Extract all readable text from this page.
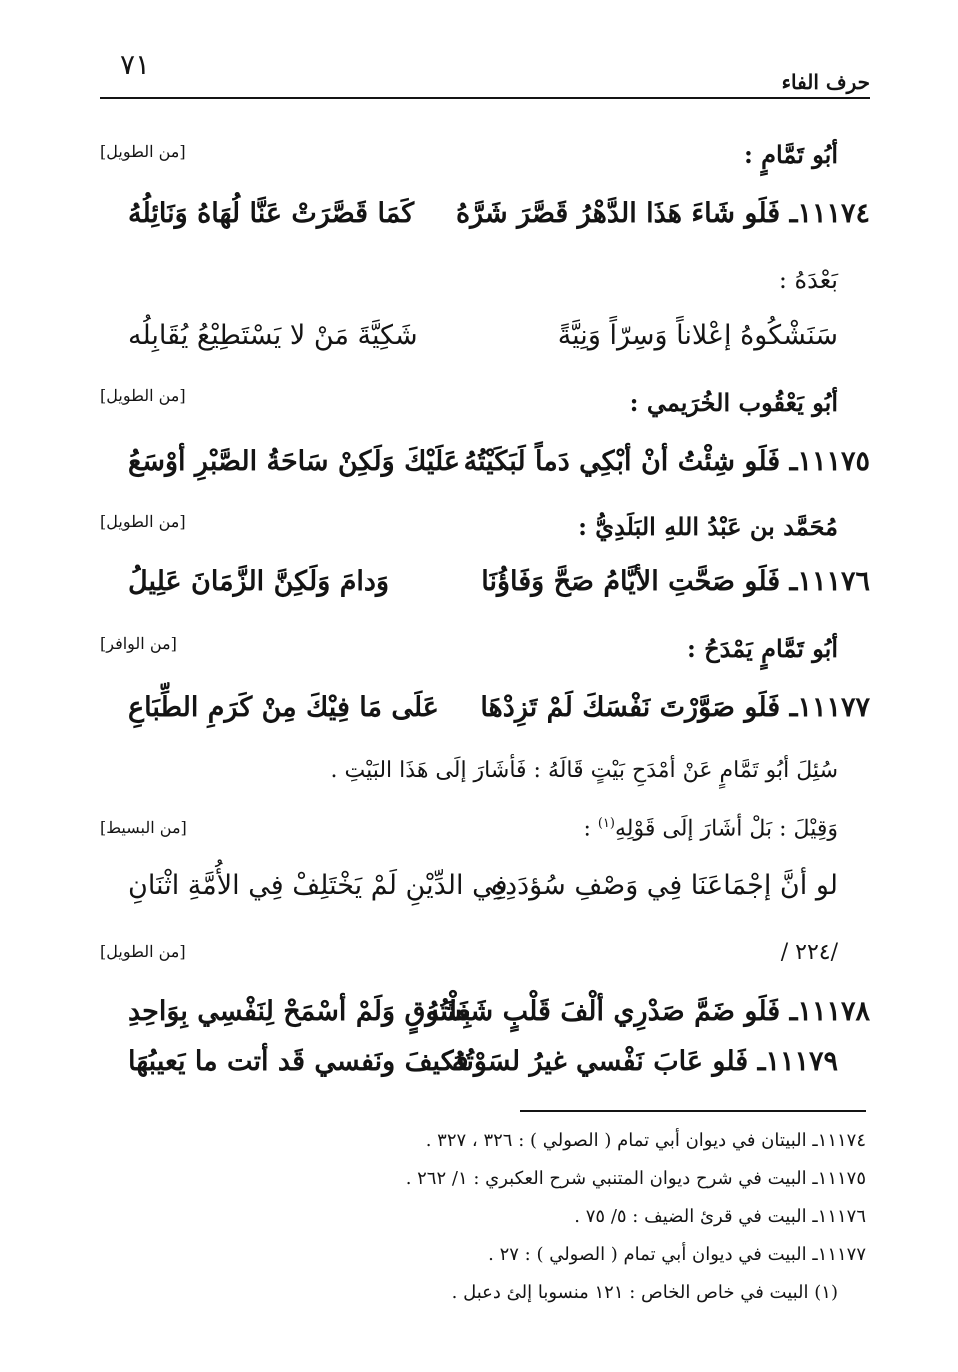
٧١
حرف الفاء
أبُو تَمَّامٍ :
[من الطويل]
١١١٧٤ـ فَلَو شَاءَ هَذَا الدَّهْرُ قَصَّرَ شَرَّهُ
كَمَا قَصَّرَتْ عَنَّا لُهَاهُ وَنَائِلُهُ
بَعْدَهُ :
سَنَشْكُوهُ إعْلاناً وَسِرّاً وَنِيَّةً
شَكِيَّةَ مَنْ لا يَسْتَطِيْعُ يُقَابِلُه
أبُو يَعْقُوب الخُرَيمي :
[من الطويل]
١١١٧٥ـ فَلَو شِئْتُ أنْ أبْكِي دَماً لَبَكَيْتُهُ
عَلَيْكَ وَلَكِنْ سَاحَةُ الصَّبْرِ أوْسَعُ
مُحَمَّد بن عَبْدُ اللهِ البَلَدِيُّ :
[من الطويل]
١١١٧٦ـ فَلَو صَحَّتِ الأيَّامُ صَحَّ وَفَاؤُنَا
وَدامَ وَلَكِنَّ الزَّمَانَ عَلِيلُ
أبُو تَمَّامٍ يَمْدَحُ :
[من الوافر]
١١١٧٧ـ فَلَو صَوَّرْتَ نَفْسَكَ لَمْ تَزِدْهَا
عَلَى مَا فِيْكَ مِنْ كَرَمِ الطِّبَاعِ
سُئِلَ أبُو تَمَّامٍ عَنْ أمْدَحِ بَيْتٍ قَالَهُ : فَأشَارَ إلَى هَذَا البَيْتِ .
وَقِيْلَ : بَلْ أشَارَ إلَى قَوْلِهِ$^{(١)}$ :
[من البسيط]
لو أنَّ إجْمَاعَنَا فِي وَصْفِ سُؤدَدِهِ
فِي الدِّيْنِ لَمْ يَخْتَلِفْ فِي الأُمَّةِ اثْنَانِ
/ ٢٢٤/
[من الطويل]
١١١٧٨ـ فَلَو ضَمَّ صَدْرِي ألْفَ قَلْبٍ شَغَلْتُهُ
بِشَوقٍ وَلَمْ أسْمَحْ لِنَفْسِي بِوَاحِدِ
١١١٧٩ـ فَلو عَابَ نَفْسي غيرُ لسَوْتُهُ
فكيفَ ونَفسي قَد أتت ما يَعيبُهَا
١١١٧٤ـ البيتان في ديوان أبي تمام ( الصولي ) : ٣٢٦ ، ٣٢٧ .
١١١٧٥ـ البيت في شرح ديوان المتنبي شرح العكبري : ١/ ٢٦٢ .
١١١٧٦ـ البيت في قرئ الضيف : ٥/ ٧٥ .
١١١٧٧ـ البيت في ديوان أبي تمام ( الصولي ) : ٢٧ .
(١) البيت في خاص الخاص : ١٢١ منسوبا إلئ دعبل .
